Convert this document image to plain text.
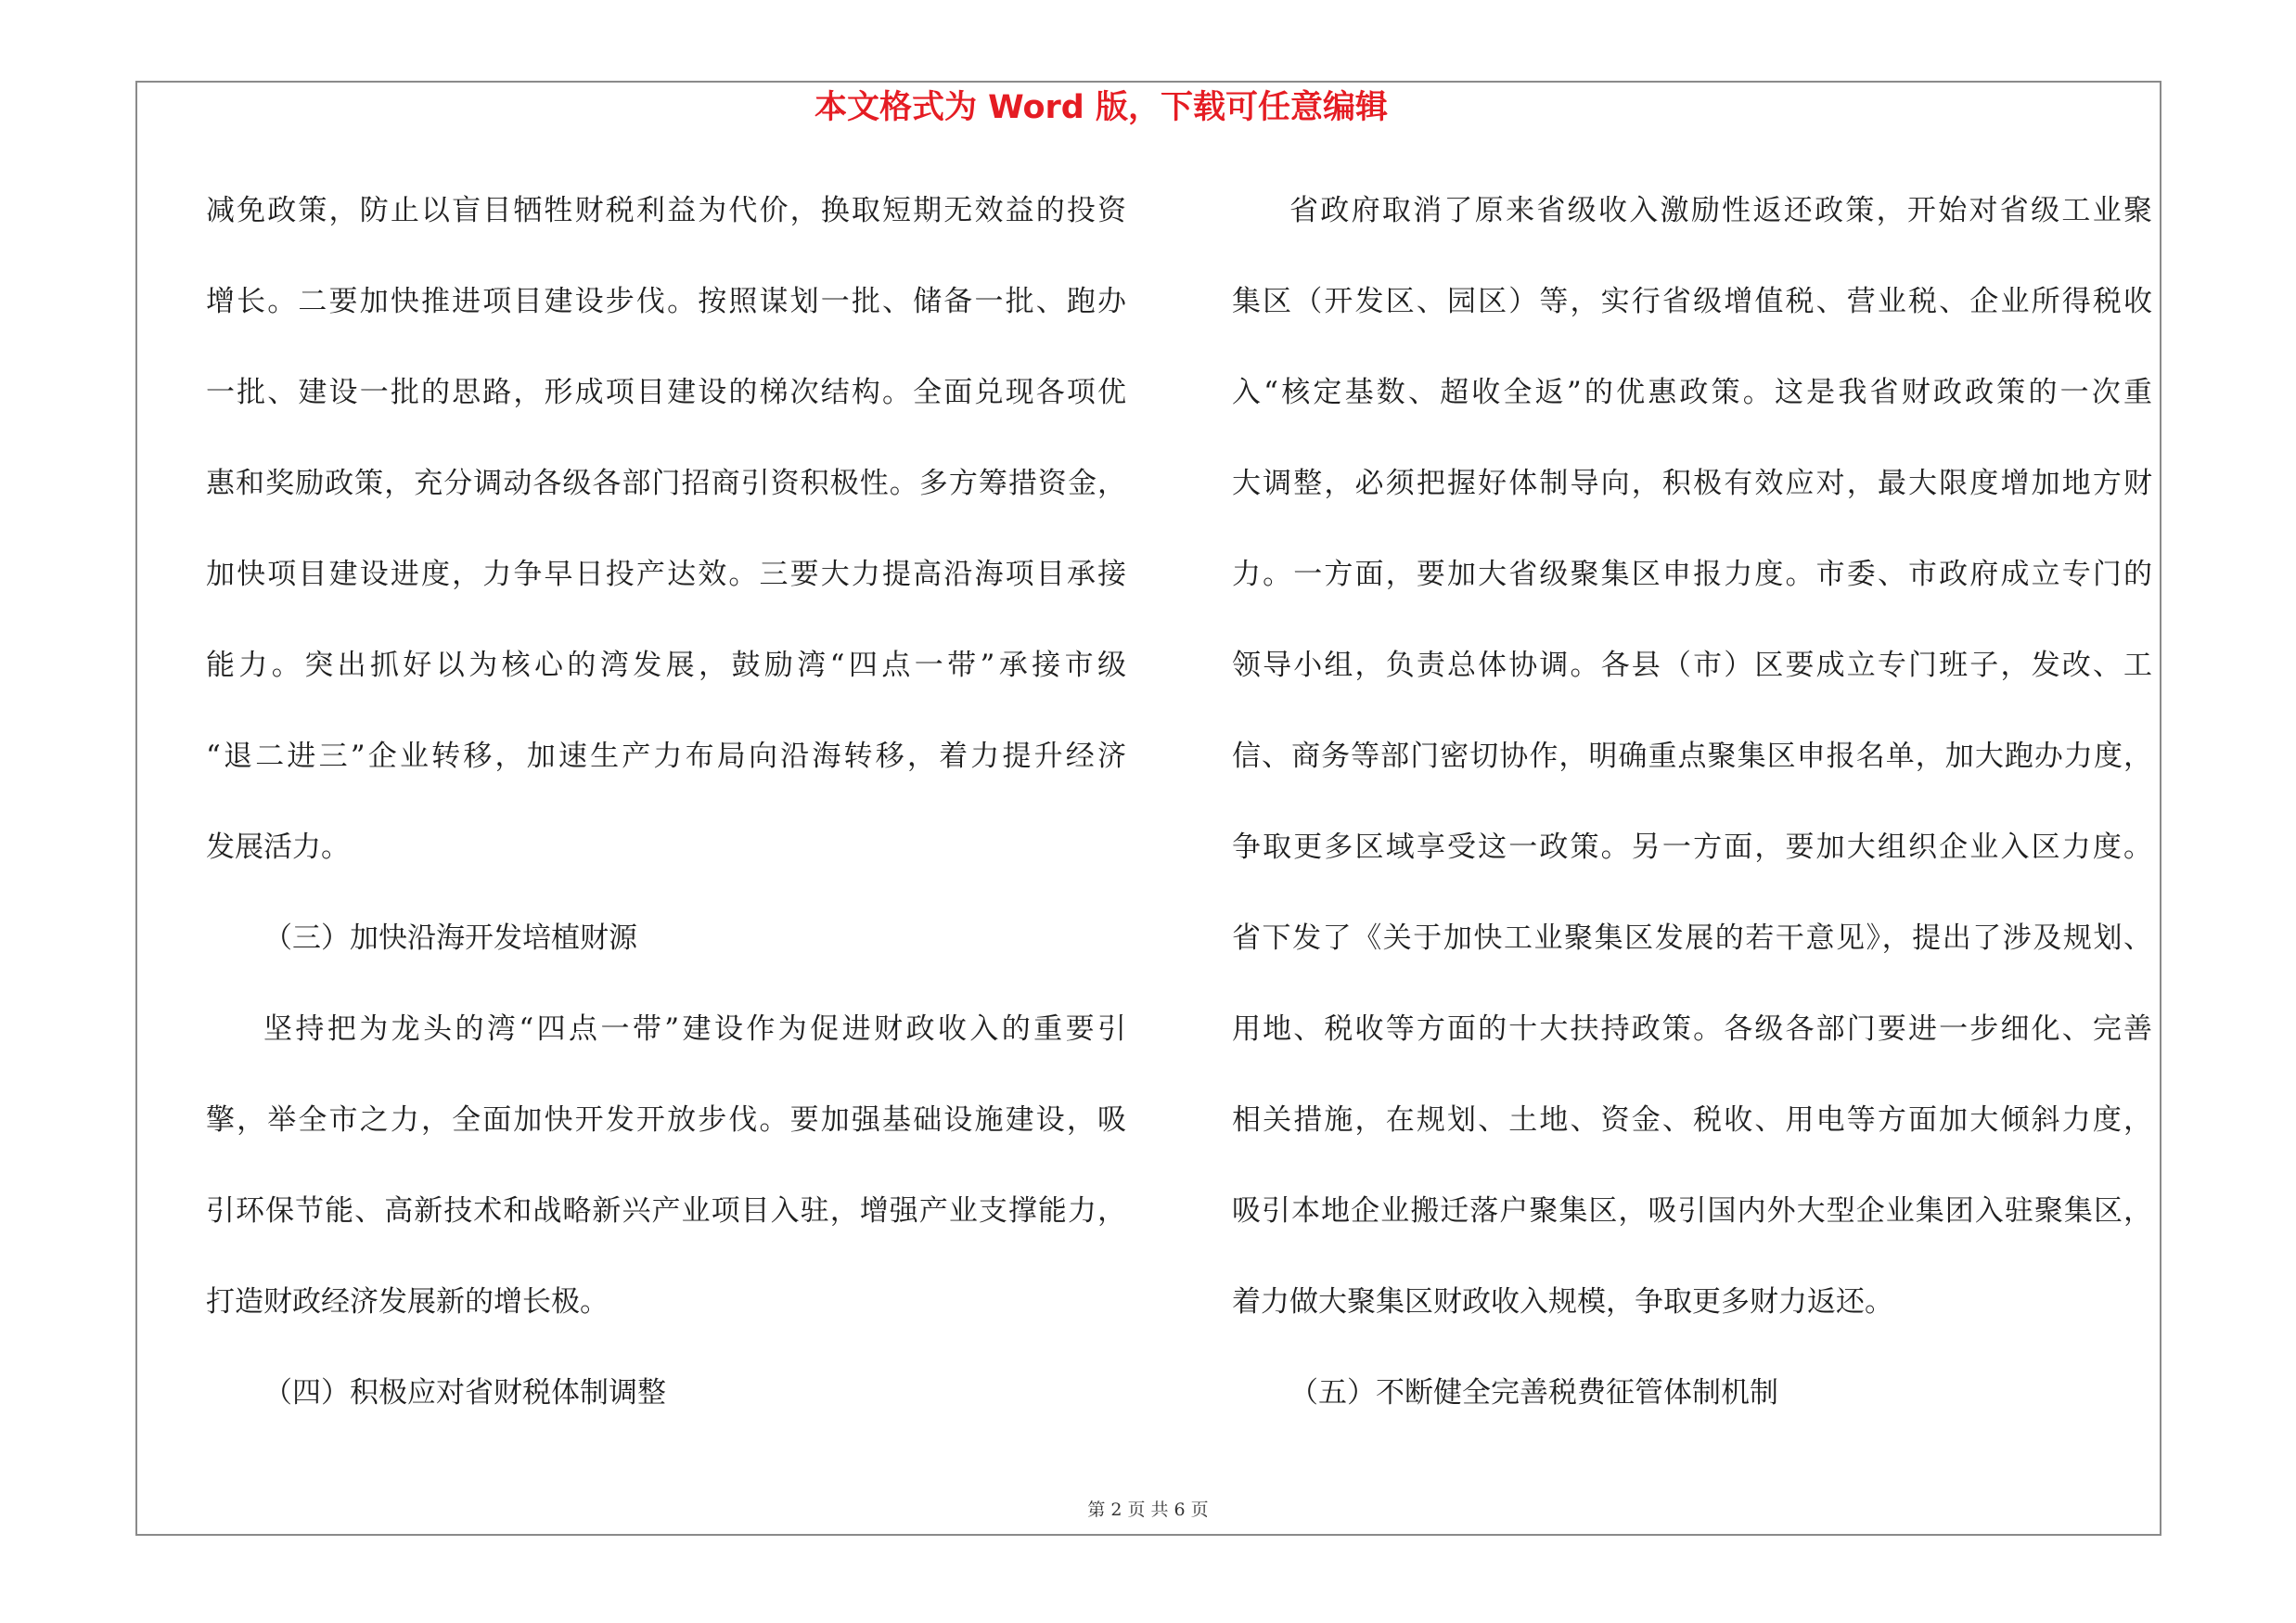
本文格式为 Word 版，下载可任意编辑
减免政策，防止以盲目牺牲财税利益为代价，换取短期无效益的投资
增长。二要加快推进项目建设步伐。按照谋划一批、储备一批、跑办
一批、建设一批的思路，形成项目建设的梯次结构。全面兑现各项优
惠和奖励政策，充分调动各级各部门招商引资积极性。多方筹措资金，
加快项目建设进度，力争早日投产达效。三要大力提高沿海项目承接
能力。突出抓好以为核心的湾发展，鼓励湾“四点一带”承接市级
“退二进三”企业转移，加速生产力布局向沿海转移，着力提升经济
发展活力。
（三）加快沿海开发培植财源
坚持把为龙头的湾“四点一带”建设作为促进财政收入的重要引
擎，举全市之力，全面加快开发开放步伐。要加强基础设施建设，吸
引环保节能、高新技术和战略新兴产业项目入驻，增强产业支撑能力，
打造财政经济发展新的增长极。
（四）积极应对省财税体制调整
省政府取消了原来省级收入激励性返还政策，开始对省级工业聚
集区（开发区、园区）等，实行省级增值税、营业税、企业所得税收
入“核定基数、超收全返”的优惠政策。这是我省财政政策的一次重
大调整，必须把握好体制导向，积极有效应对，最大限度增加地方财
力。一方面，要加大省级聚集区申报力度。市委、市政府成立专门的
领导小组，负责总体协调。各县（市）区要成立专门班子，发改、工
信、商务等部门密切协作，明确重点聚集区申报名单，加大跑办力度，
争取更多区域享受这一政策。另一方面，要加大组织企业入区力度。
省下发了《关于加快工业聚集区发展的若干意见》，提出了涉及规划、
用地、税收等方面的十大扶持政策。各级各部门要进一步细化、完善
相关措施，在规划、土地、资金、税收、用电等方面加大倾斜力度，
吸引本地企业搬迁落户聚集区，吸引国内外大型企业集团入驻聚集区，
着力做大聚集区财政收入规模，争取更多财力返还。
（五）不断健全完善税费征管体制机制
第 2 页 共 6 页
